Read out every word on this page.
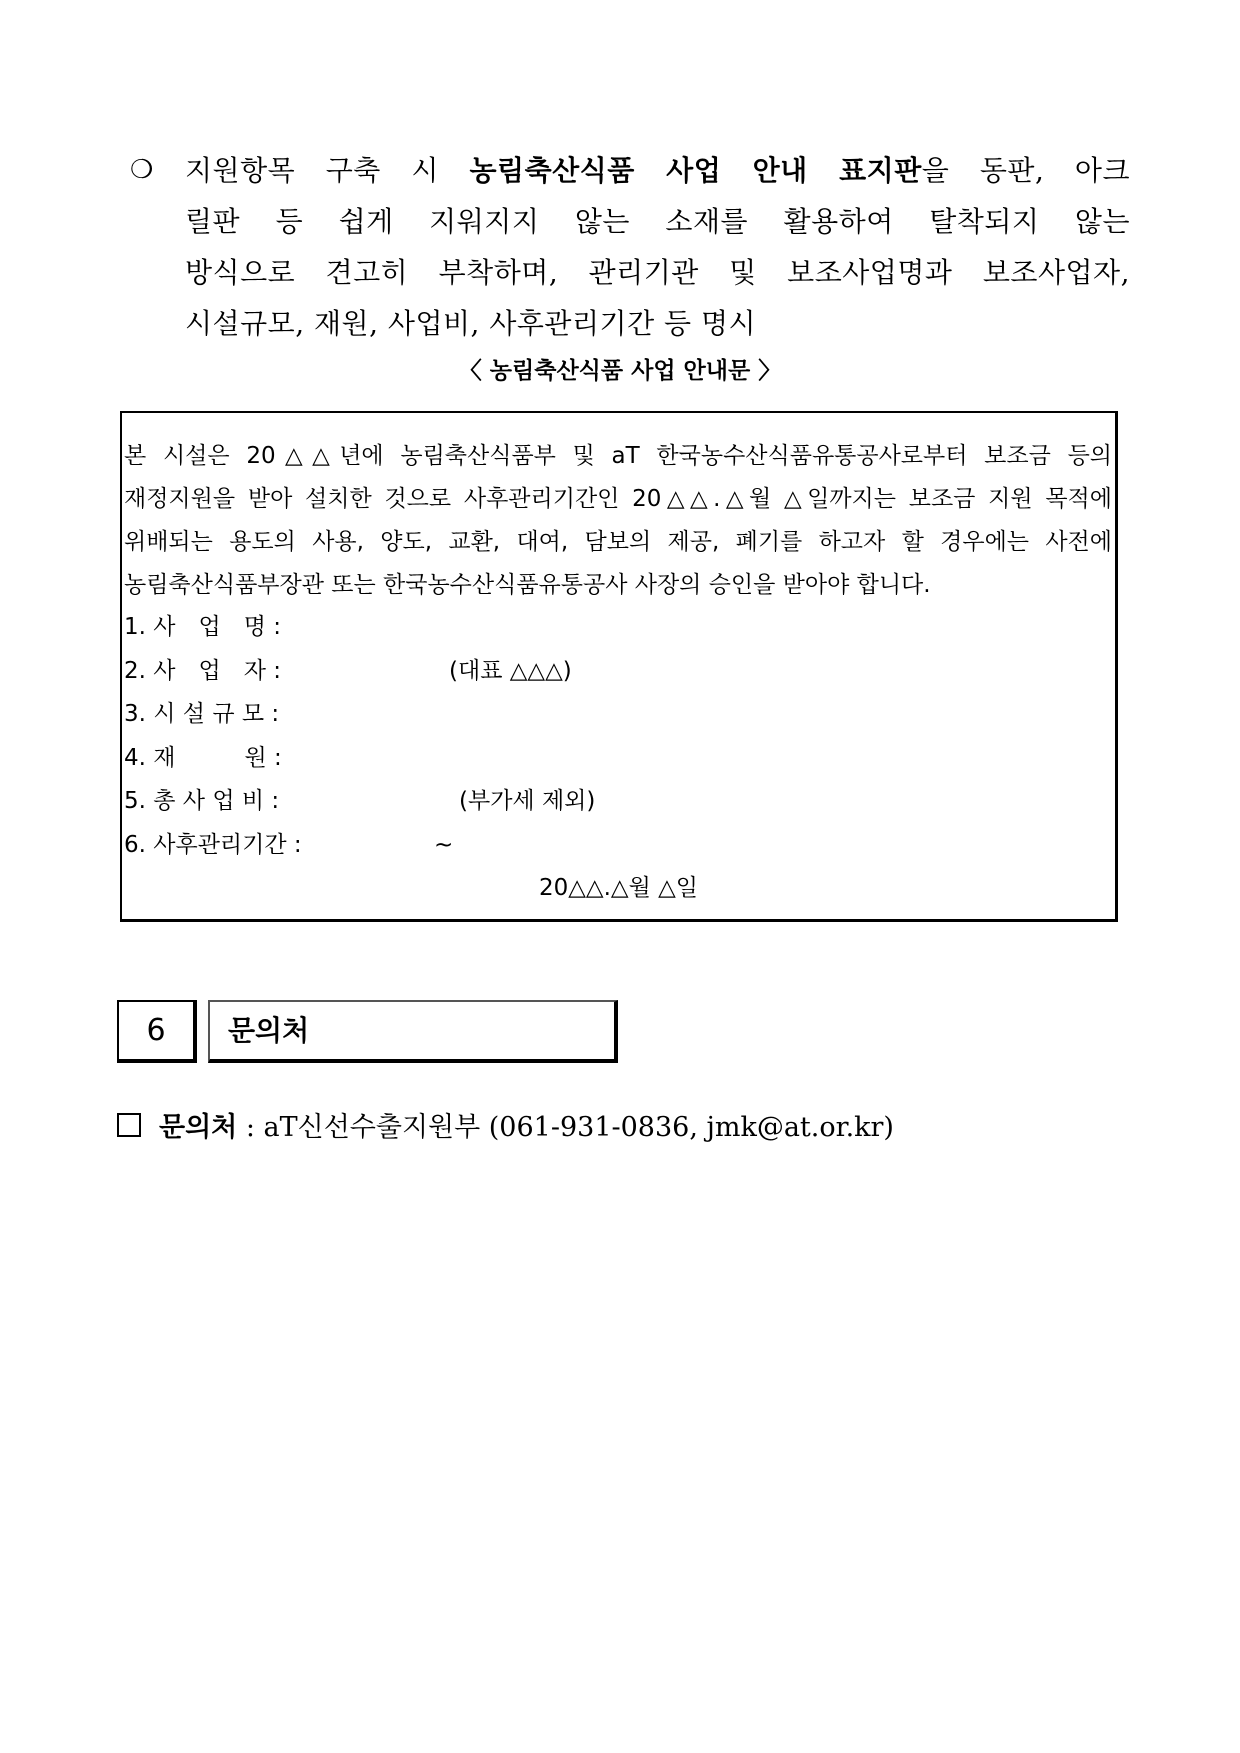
❍ 지원항목 구축 시 농림축산식품 사업 안내 표지판을 동판, 아크
릴판 등 쉽게 지워지지 않는 소재를 활용하여 탈착되지 않는
방식으로 견고히 부착하며, 관리기관 및 보조사업명과 보조사업자,
시설규모, 재원, 사업비, 사후관리기간 등 명시
〈 농림축산식품 사업 안내문 〉
본 시설은 20△△년에 농림축산식품부 및 aT 한국농수산식품유통공사로부터 보조금 등의
재정지원을 받아 설치한 것으로 사후관리기간인 20△△.△월 △일까지는 보조금 지원 목적에
위배되는 용도의 사용, 양도, 교환, 대여, 담보의 제공, 폐기를 하고자 할 경우에는 사전에
농림축산식품부장관 또는 한국농수산식품유통공사 사장의 승인을 받아야 합니다.
1. 사　업　명 :
2. 사　업　자 :	(대표 △△△)
3. 시 설 규 모 :
4. 재　　　원 :
5. 총 사 업 비 :	(부가세 제외)
6. 사후관리기간 :	~
20△△.△월 △일
6	문의처
문의처 : aT신선수출지원부 (061-931-0836, jmk@at.or.kr)
